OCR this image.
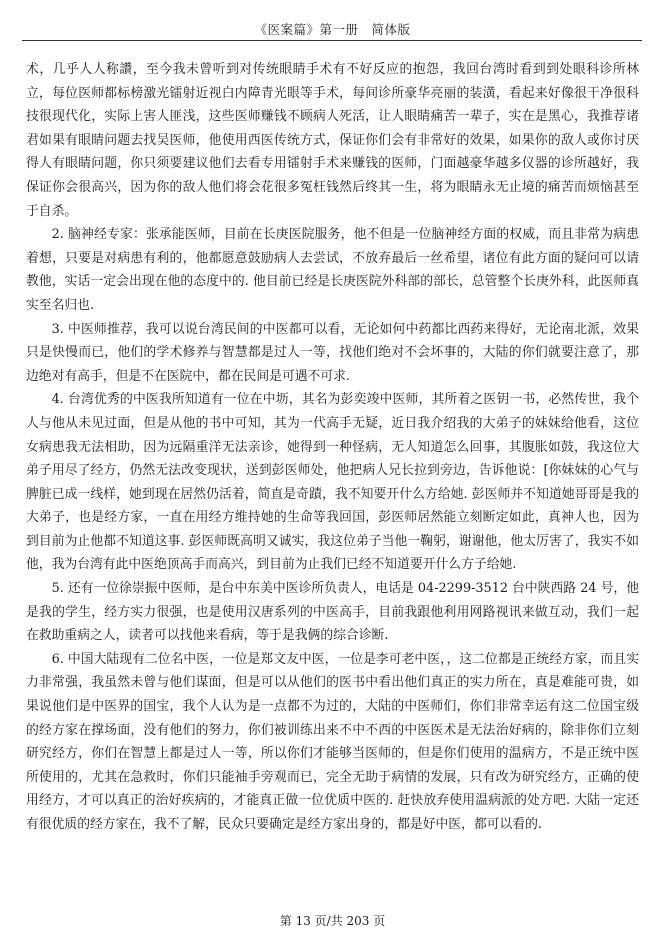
《医案篇》第一册　简体版

术，几乎人人称讚，至今我未曾听到对传统眼睛手术有不好反应的抱怨，我回台湾时看到到处眼科诊所林立，每位医师都标榜激光镭射近视白内障青光眼等手术，每间诊所豪华亮丽的装潢，看起来好像很干净很科技很现代化，实际上害人匪浅，这些医师赚钱不顾病人死活，让人眼睛痛苦一辈子，实在是黑心，我推荐诸君如果有眼睛问题去找吴医师，他使用西医传统方式，保证你们会有非常好的效果，如果你的敌人或你讨厌得人有眼睛问题，你只须要建议他们去看专用镭射手术来赚钱的医师，门面越豪华越多仪器的诊所越好，我保证你会很高兴，因为你的敌人他们将会花很多冤枉钱然后终其一生，将为眼睛永无止境的痛苦而烦恼甚至于自杀。

2. 脑神经专家：张承能医师，目前在长庚医院服务，他不但是一位脑神经方面的权威，而且非常为病患着想，只要是对病患有利的，他都愿意鼓励病人去尝试，不放弃最后一丝希望，诸位有此方面的疑问可以请教他，实话一定会出现在他的态度中的. 他目前已经是长庚医院外科部的部长，总管整个长庚外科，此医师真实至名归也.

3. 中医师推荐，我可以说台湾民间的中医都可以看，无论如何中药都比西药来得好，无论南北派，效果只是快慢而已，他们的学术修养与智慧都是过人一等，找他们绝对不会坏事的，大陆的你们就要注意了，那边绝对有高手，但是不在医院中，都在民间是可遇不可求.

4. 台湾优秀的中医我所知道有一位在中坜，其名为彭奕竣中医师，其所着之医钥一书，必然传世，我个人与他从未见过面，但是从他的书中可知，其为一代高手无疑，近日我介绍我的大弟子的妹妹给他看，这位女病患我无法相助，因为远隔重洋无法亲诊，她得到一种怪病，无人知道怎么回事，其腹胀如鼓，我这位大弟子用尽了经方，仍然无法改变现状，送到彭医师处，他把病人兄长拉到旁边，告诉他说：[你妹妹的心气与脾脏已成一线样，她到现在居然仍活着，简直是奇蹟，我不知要开什么方给她. 彭医师并不知道她哥哥是我的大弟子，也是经方家，一直在用经方维持她的生命等我回国，彭医师居然能立刻断定如此，真神人也，因为到目前为止他都不知道这事. 彭医师既高明又诚实，我这位弟子当他一鞠躬，谢谢他，他太厉害了，我实不如他，我为台湾有此中医绝顶高手而高兴，到目前为止我们已经不知道要开什么方子给她.

5. 还有一位徐崇振中医师，是台中东美中医诊所负责人，电话是 04-2299-3512 台中陕西路 24 号，他是我的学生，经方实力很强，也是使用汉唐系列的中医高手，目前我跟他利用网路视讯来做互动，我们一起在救助重病之人，读者可以找他来看病，等于是我俩的综合诊断.

6. 中国大陆现有二位名中医，一位是郑文友中医，一位是李可老中医，，这二位都是正统经方家，而且实力非常强，我虽然未曾与他们谋面，但是可以从他们的医书中看出他们真正的实力所在，真是难能可贵，如果说他们是中医界的国宝，我个人认为是一点都不为过的，大陆的中医师们，你们非常幸运有这二位国宝级的经方家在撑场面，没有他们的努力，你们被训练出来不中不西的中医医术是无法治好病的，除非你们立刻研究经方，你们在智慧上都是过人一等，所以你们才能够当医师的，但是你们使用的温病方，不是正统中医所使用的，尤其在急救时，你们只能袖手旁观而已，完全无助于病情的发展，只有改为研究经方，正确的使用经方，才可以真正的治好疾病的，才能真正做一位优质中医的. 赶快放弃使用温病派的处方吧. 大陆一定还有很优质的经方家在，我不了解，民众只要确定是经方家出身的，都是好中医，都可以看的.

第 13 页/共 203 页
